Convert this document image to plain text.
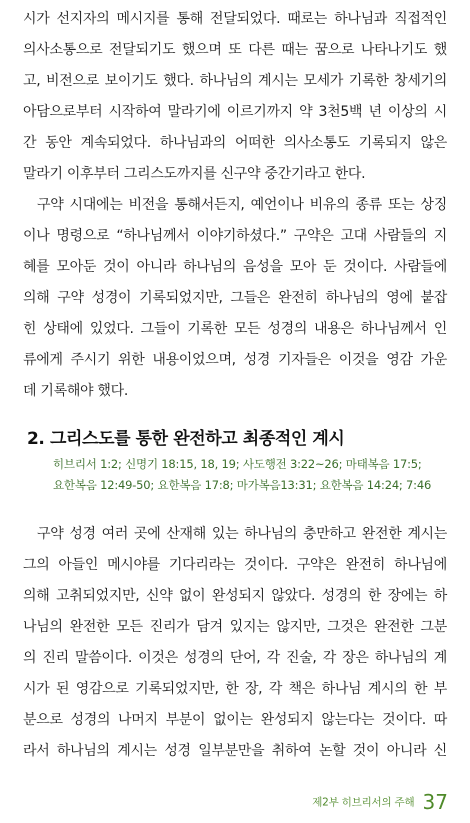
시가 선지자의 메시지를 통해 전달되었다. 때로는 하나님과 직접적인
의사소통으로 전달되기도 했으며 또 다른 때는 꿈으로 나타나기도 했
고, 비전으로 보이기도 했다. 하나님의 계시는 모세가 기록한 창세기의
아담으로부터 시작하여 말라기에 이르기까지 약 3천5백 년 이상의 시
간 동안 계속되었다. 하나님과의 어떠한 의사소통도 기록되지 않은
말라기 이후부터 그리스도까지를 신구약 중간기라고 한다.
구약 시대에는 비전을 통해서든지, 예언이나 비유의 종류 또는 상징
이나 명령으로 “하나님께서 이야기하셨다.” 구약은 고대 사람들의 지
혜를 모아둔 것이 아니라 하나님의 음성을 모아 둔 것이다. 사람들에
의해 구약 성경이 기록되었지만, 그들은 완전히 하나님의 영에 붙잡
힌 상태에 있었다. 그들이 기록한 모든 성경의 내용은 하나님께서 인
류에게 주시기 위한 내용이었으며, 성경 기자들은 이것을 영감 가운
데 기록해야 했다.
2. 그리스도를 통한 완전하고 최종적인 계시
히브리서 1:2; 신명기 18:15, 18, 19; 사도행전 3:22~26; 마태복음 17:5;
요한복음 12:49-50; 요한복음 17:8; 마가복음13:31; 요한복음 14:24; 7:46
구약 성경 여러 곳에 산재해 있는 하나님의 충만하고 완전한 계시는
그의 아들인 메시야를 기다리라는 것이다. 구약은 완전히 하나님에
의해 고취되었지만, 신약 없이 완성되지 않았다. 성경의 한 장에는 하
나님의 완전한 모든 진리가 담겨 있지는 않지만, 그것은 완전한 그분
의 진리 말씀이다. 이것은 성경의 단어, 각 진술, 각 장은 하나님의 계
시가 된 영감으로 기록되었지만, 한 장, 각 책은 하나님 계시의 한 부
분으로 성경의 나머지 부분이 없이는 완성되지 않는다는 것이다. 따
라서 하나님의 계시는 성경 일부분만을 취하여 논할 것이 아니라 신
제2부 히브리서의 주해 37
